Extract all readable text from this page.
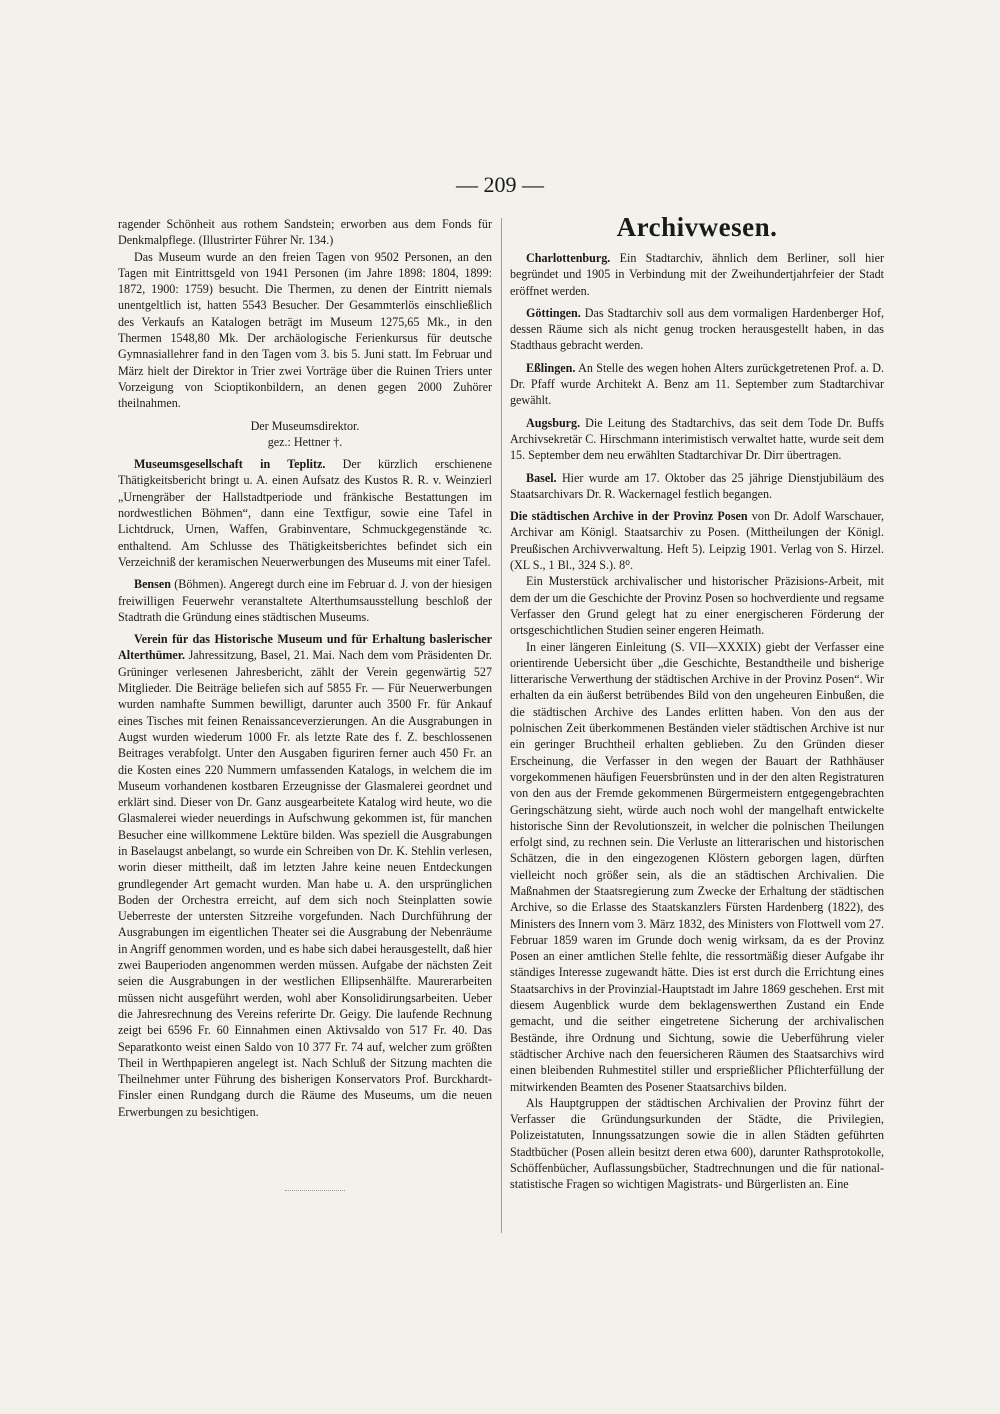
— 209 —

ragender Schönheit aus rothem Sandstein; erworben aus dem Fonds für Denkmalpflege. (Illustrirter Führer Nr. 134.)

Das Museum wurde an den freien Tagen von 9502 Personen, an den Tagen mit Eintrittsgeld von 1941 Personen (im Jahre 1898: 1804, 1899: 1872, 1900: 1759) besucht. Die Thermen, zu denen der Eintritt niemals unentgeltlich ist, hatten 5543 Besucher. Der Gesammterlös einschließlich des Verkaufs an Katalogen beträgt im Museum 1275,65 Mk., in den Thermen 1548,80 Mk. Der archäologische Ferienkursus für deutsche Gymnasiallehrer fand in den Tagen vom 3. bis 5. Juni statt. Im Februar und März hielt der Direktor in Trier zwei Vorträge über die Ruinen Triers unter Vorzeigung von Scioptikonbildern, an denen gegen 2000 Zuhörer theilnahmen.

Der Museumsdirektor.

gez.: Hettner †.

Museumsgesellschaft in Teplitz. Der kürzlich erschienene Thätigkeitsbericht bringt u. A. einen Aufsatz des Kustos R. R. v. Weinzierl „Urnengräber der Hallstadtperiode und fränkische Bestattungen im nordwestlichen Böhmen“, dann eine Textfigur, sowie eine Tafel in Lichtdruck, Urnen, Waffen, Grabinventare, Schmuckgegenstände ꝛc. enthaltend. Am Schlusse des Thätigkeitsberichtes befindet sich ein Verzeichniß der keramischen Neuerwerbungen des Museums mit einer Tafel.

Bensen (Böhmen). Angeregt durch eine im Februar d. J. von der hiesigen freiwilligen Feuerwehr veranstaltete Alterthumsausstellung beschloß der Stadtrath die Gründung eines städtischen Museums.

Verein für das Historische Museum und für Erhaltung baslerischer Alterthümer. Jahressitzung, Basel, 21. Mai. Nach dem vom Präsidenten Dr. Grüninger verlesenen Jahresbericht, zählt der Verein gegenwärtig 527 Mitglieder. Die Beiträge beliefen sich auf 5855 Fr. — Für Neuerwerbungen wurden namhafte Summen bewilligt, darunter auch 3500 Fr. für Ankauf eines Tisches mit feinen Renaissanceverzierungen. An die Ausgrabungen in Augst wurden wiederum 1000 Fr. als letzte Rate des f. Z. beschlossenen Beitrages verabfolgt. Unter den Ausgaben figuriren ferner auch 450 Fr. an die Kosten eines 220 Nummern umfassenden Katalogs, in welchem die im Museum vorhandenen kostbaren Erzeugnisse der Glasmalerei geordnet und erklärt sind. Dieser von Dr. Ganz ausgearbeitete Katalog wird heute, wo die Glasmalerei wieder neuerdings in Aufschwung gekommen ist, für manchen Besucher eine willkommene Lektüre bilden. Was speziell die Ausgrabungen in Baselaugst anbelangt, so wurde ein Schreiben von Dr. K. Stehlin verlesen, worin dieser mittheilt, daß im letzten Jahre keine neuen Entdeckungen grundlegender Art gemacht wurden. Man habe u. A. den ursprünglichen Boden der Orchestra erreicht, auf dem sich noch Steinplatten sowie Ueberreste der untersten Sitzreihe vorgefunden. Nach Durchführung der Ausgrabungen im eigentlichen Theater sei die Ausgrabung der Nebenräume in Angriff genommen worden, und es habe sich dabei herausgestellt, daß hier zwei Bauperioden angenommen werden müssen. Aufgabe der nächsten Zeit seien die Ausgrabungen in der westlichen Ellipsenhälfte. Maurerarbeiten müssen nicht ausgeführt werden, wohl aber Konsolidirungsarbeiten. Ueber die Jahresrechnung des Vereins referirte Dr. Geigy. Die laufende Rechnung zeigt bei 6596 Fr. 60 Einnahmen einen Aktivsaldo von 517 Fr. 40. Das Separatkonto weist einen Saldo von 10 377 Fr. 74 auf, welcher zum größten Theil in Werthpapieren angelegt ist. Nach Schluß der Sitzung machten die Theilnehmer unter Führung des bisherigen Konservators Prof. Burckhardt-Finsler einen Rundgang durch die Räume des Museums, um die neuen Erwerbungen zu besichtigen.

Archivwesen.

Charlottenburg. Ein Stadtarchiv, ähnlich dem Berliner, soll hier begründet und 1905 in Verbindung mit der Zweihundertjahrfeier der Stadt eröffnet werden.

Göttingen. Das Stadtarchiv soll aus dem vormaligen Hardenberger Hof, dessen Räume sich als nicht genug trocken herausgestellt haben, in das Stadthaus gebracht werden.

Eßlingen. An Stelle des wegen hohen Alters zurückgetretenen Prof. a. D. Dr. Pfaff wurde Architekt A. Benz am 11. September zum Stadtarchivar gewählt.

Augsburg. Die Leitung des Stadtarchivs, das seit dem Tode Dr. Buffs Archivsekretär C. Hirschmann interimistisch verwaltet hatte, wurde seit dem 15. September dem neu erwählten Stadtarchivar Dr. Dirr übertragen.

Basel. Hier wurde am 17. Oktober das 25 jährige Dienstjubiläum des Staatsarchivars Dr. R. Wackernagel festlich begangen.

Die städtischen Archive in der Provinz Posen von Dr. Adolf Warschauer, Archivar am Königl. Staatsarchiv zu Posen. (Mittheilungen der Königl. Preußischen Archivverwaltung. Heft 5). Leipzig 1901. Verlag von S. Hirzel. (XL S., 1 Bl., 324 S.). 8⁰.

Ein Musterstück archivalischer und historischer Präzisions-Arbeit, mit dem der um die Geschichte der Provinz Posen so hochverdiente und regsame Verfasser den Grund gelegt hat zu einer energischeren Förderung der ortsgeschichtlichen Studien seiner engeren Heimath.

In einer längeren Einleitung (S. VII—XXXIX) giebt der Verfasser eine orientirende Uebersicht über „die Geschichte, Bestandtheile und bisherige litterarische Verwerthung der städtischen Archive in der Provinz Posen“. Wir erhalten da ein äußerst betrübendes Bild von den ungeheuren Einbußen, die die städtischen Archive des Landes erlitten haben. Von den aus der polnischen Zeit überkommenen Beständen vieler städtischen Archive ist nur ein geringer Bruchtheil erhalten geblieben. Zu den Gründen dieser Erscheinung, die Verfasser in den wegen der Bauart der Rathhäuser vorgekommenen häufigen Feuersbrünsten und in der den alten Registraturen von den aus der Fremde gekommenen Bürgermeistern entgegengebrachten Geringschätzung sieht, würde auch noch wohl der mangelhaft entwickelte historische Sinn der Revolutionszeit, in welcher die polnischen Theilungen erfolgt sind, zu rechnen sein. Die Verluste an litterarischen und historischen Schätzen, die in den eingezogenen Klöstern geborgen lagen, dürften vielleicht noch größer sein, als die an städtischen Archivalien. Die Maßnahmen der Staatsregierung zum Zwecke der Erhaltung der städtischen Archive, so die Erlasse des Staatskanzlers Fürsten Hardenberg (1822), des Ministers des Innern vom 3. März 1832, des Ministers von Flottwell vom 27. Februar 1859 waren im Grunde doch wenig wirksam, da es der Provinz Posen an einer amtlichen Stelle fehlte, die ressortmäßig dieser Aufgabe ihr ständiges Interesse zugewandt hätte. Dies ist erst durch die Errichtung eines Staatsarchivs in der Provinzial-Hauptstadt im Jahre 1869 geschehen. Erst mit diesem Augenblick wurde dem beklagenswerthen Zustand ein Ende gemacht, und die seither eingetretene Sicherung der archivalischen Bestände, ihre Ordnung und Sichtung, sowie die Ueberführung vieler städtischer Archive nach den feuersicheren Räumen des Staatsarchivs wird einen bleibenden Ruhmestitel stiller und ersprießlicher Pflichterfüllung der mitwirkenden Beamten des Posener Staatsarchivs bilden.

Als Hauptgruppen der städtischen Archivalien der Provinz führt der Verfasser die Gründungsurkunden der Städte, die Privilegien, Polizeistatuten, Innungssatzungen sowie die in allen Städten geführten Stadtbücher (Posen allein besitzt deren etwa 600), darunter Rathsprotokolle, Schöffenbücher, Auflassungsbücher, Stadtrechnungen und die für national-statistische Fragen so wichtigen Magistrats- und Bürgerlisten an. Eine
